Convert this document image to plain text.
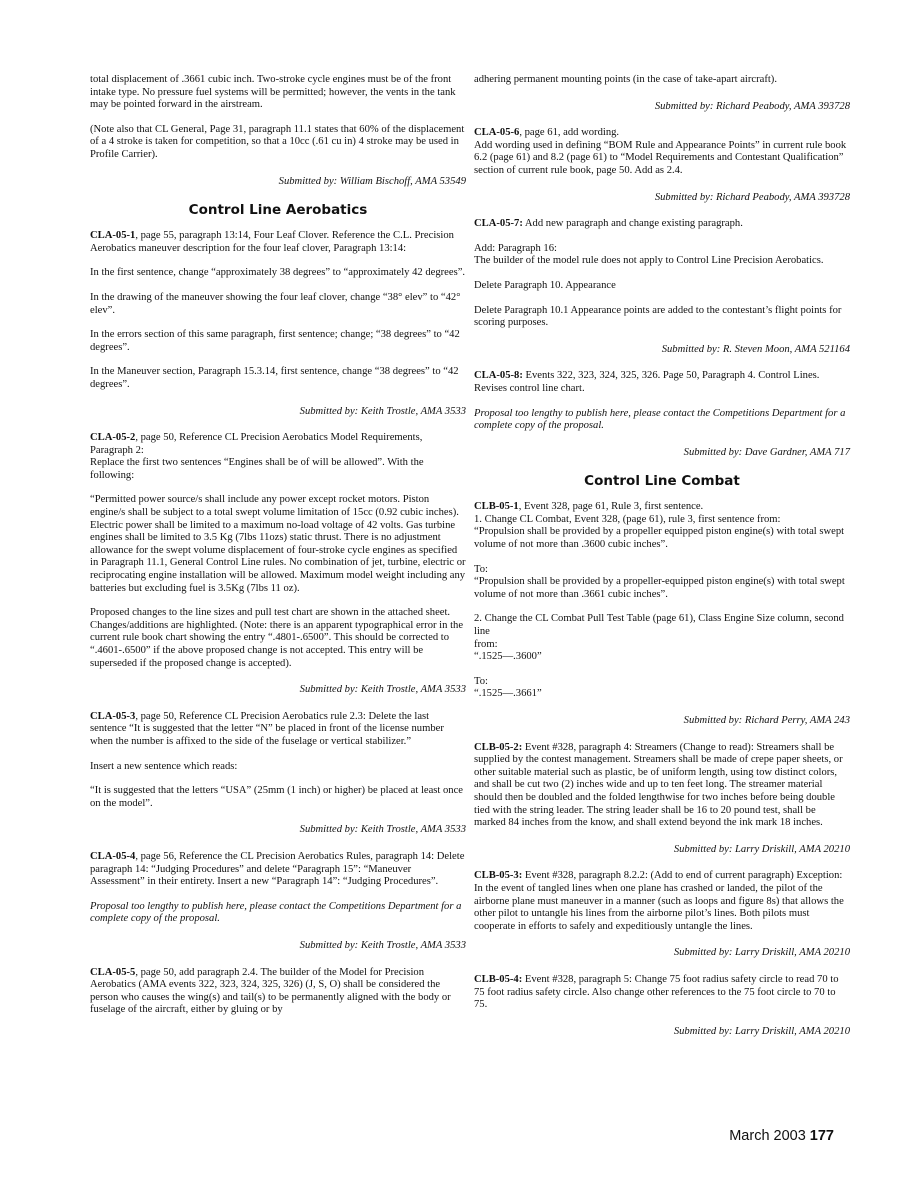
total displacement of .3661 cubic inch. Two-stroke cycle engines must be of the front intake type. No pressure fuel systems will be permitted; however, the vents in the tank may be pointed forward in the airstream.

(Note also that CL General, Page 31, paragraph 11.1 states that 60% of the displacement of a 4 stroke is taken for competition, so that a 10cc (.61 cu in) 4 stroke may be used in Profile Carrier).

Submitted by: William Bischoff, AMA 53549
Control Line Aerobatics

CLA-05-1, page 55, paragraph 13:14, Four Leaf Clover. Reference the C.L. Precision Aerobatics maneuver description for the four leaf clover, Paragraph 13:14:

In the first sentence, change “approximately 38 degrees” to “approximately 42 degrees”.

In the drawing of the maneuver showing the four leaf clover, change “38° elev” to “42° elev”.

In the errors section of this same paragraph, first sentence; change; “38 degrees” to “42 degrees”.

In the Maneuver section, Paragraph 15.3.14, first sentence, change “38 degrees” to “42 degrees”.

Submitted by: Keith Trostle, AMA 3533

CLA-05-2, page 50, Reference CL Precision Aerobatics Model Requirements, Paragraph 2:

Replace the first two sentences “Engines shall be of will be allowed”. With the following:

“Permitted power source/s shall include any power except rocket motors. Piston engine/s shall be subject to a total swept volume limitation of 15cc (0.92 cubic inches). Electric power shall be limited to a maximum no-load voltage of 42 volts. Gas turbine engines shall be limited to 3.5 Kg (7lbs 11ozs) static thrust. There is no adjustment allowance for the swept volume displacement of four-stroke cycle engines as specified in Paragraph 11.1, General Control Line rules. No combination of jet, turbine, electric or reciprocating engine installation will be allowed. Maximum model weight including any batteries but excluding fuel is 3.5Kg (7lbs 11 oz).

Proposed changes to the line sizes and pull test chart are shown in the attached sheet. Changes/additions are highlighted. (Note: there is an apparent typographical error in the current rule book chart showing the entry “.4801-.6500”. This should be corrected to “.4601-.6500” if the above proposed change is not accepted. This entry will be superseded if the proposed change is accepted).

Submitted by: Keith Trostle, AMA 3533

CLA-05-3, page 50, Reference CL Precision Aerobatics rule 2.3: Delete the last sentence “It is suggested that the letter “N” be placed in front of the license number when the number is affixed to the side of the fuselage or vertical stabilizer.”

Insert a new sentence which reads:

“It is suggested that the letters “USA” (25mm (1 inch) or higher) be placed at least once on the model”.

Submitted by: Keith Trostle, AMA 3533

CLA-05-4, page 56, Reference the CL Precision Aerobatics Rules, paragraph 14: Delete paragraph 14: “Judging Procedures” and delete “Paragraph 15”: “Maneuver Assessment” in their entirety. Insert a new “Paragraph 14”: “Judging Procedures”.

Proposal too lengthy to publish here, please contact the Competitions Department for a complete copy of the proposal.

Submitted by: Keith Trostle, AMA 3533

CLA-05-5, page 50, add paragraph 2.4. The builder of the Model for Precision Aerobatics (AMA events 322, 323, 324, 325, 326) (J, S, O) shall be considered the person who causes the wing(s) and tail(s) to be permanently aligned with the body or fuselage of the aircraft, either by gluing or by

adhering permanent mounting points (in the case of take-apart aircraft).

Submitted by: Richard Peabody, AMA 393728

CLA-05-6, page 61, add wording.

Add wording used in defining “BOM Rule and Appearance Points” in current rule book 6.2 (page 61) and 8.2 (page 61) to “Model Requirements and Contestant Qualification” section of current rule book, page 50. Add as 2.4.

Submitted by: Richard Peabody, AMA 393728

CLA-05-7: Add new paragraph and change existing paragraph.

Add: Paragraph 16:

The builder of the model rule does not apply to Control Line Precision Aerobatics.

Delete Paragraph 10. Appearance

Delete Paragraph 10.1 Appearance points are added to the contestant’s flight points for scoring purposes.

Submitted by: R. Steven Moon, AMA 521164

CLA-05-8: Events 322, 323, 324, 325, 326. Page 50, Paragraph 4. Control Lines. Revises control line chart.

Proposal too lengthy to publish here, please contact the Competitions Department for a complete copy of the proposal.

Submitted by: Dave Gardner, AMA 717
Control Line Combat

CLB-05-1, Event 328, page 61, Rule 3, first sentence.

1. Change CL Combat, Event 328, (page 61), rule 3, first sentence from:

“Propulsion shall be provided by a propeller equipped piston engine(s) with total swept volume of not more than .3600 cubic inches”.

To:

“Propulsion shall be provided by a propeller-equipped piston engine(s) with total swept volume of not more than .3661 cubic inches”.

2. Change the CL Combat Pull Test Table (page 61), Class Engine Size column, second line

from:

“.1525—.3600”

To:

“.1525—.3661”

Submitted by: Richard Perry, AMA 243

CLB-05-2: Event #328, paragraph 4: Streamers (Change to read): Streamers shall be supplied by the contest management. Streamers shall be made of crepe paper sheets, or other suitable material such as plastic, be of uniform length, using tow distinct colors, and shall be cut two (2) inches wide and up to ten feet long. The streamer material should then be doubled and the folded lengthwise for two inches before being double tied with the string leader. The string leader shall be 16 to 20 pound test, shall be marked 84 inches from the know, and shall extend beyond the ink mark 18 inches.

Submitted by: Larry Driskill, AMA 20210

CLB-05-3: Event #328, paragraph 8.2.2: (Add to end of current paragraph) Exception: In the event of tangled lines when one plane has crashed or landed, the pilot of the airborne plane must maneuver in a manner (such as loops and figure 8s) that allows the other pilot to untangle his lines from the airborne pilot’s lines. Both pilots must cooperate in efforts to safely and expeditiously untangle the lines.

Submitted by: Larry Driskill, AMA 20210

CLB-05-4: Event #328, paragraph 5: Change 75 foot radius safety circle to read 70 to 75 foot radius safety circle. Also change other references to the 75 foot circle to 70 to 75.

Submitted by: Larry Driskill, AMA 20210
March 2003 177
